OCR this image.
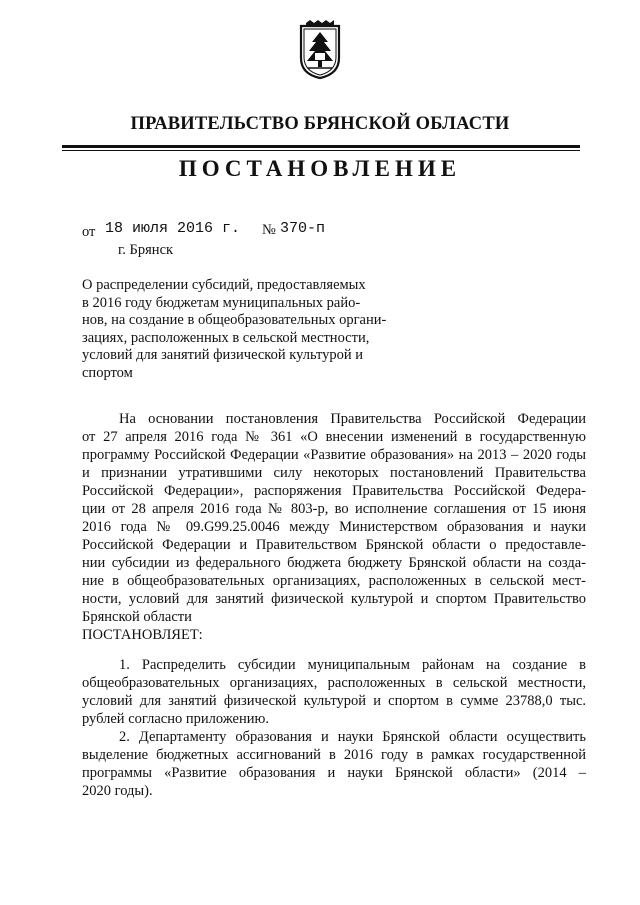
ПРАВИТЕЛЬСТВО БРЯНСКОЙ ОБЛАСТИ
ПОСТАНОВЛЕНИЕ
от 18 июля 2016 г. № 370-п
г. Брянск
О распределении субсидий, предоставляемых
в 2016 году бюджетам муниципальных райо-
нов, на создание в общеобразовательных органи-
зациях, расположенных в сельской местности,
условий для занятий физической культурой и
спортом
На основании постановления Правительства Российской Федерации
от 27 апреля 2016 года № 361 «О внесении изменений в государственную
программу Российской Федерации «Развитие образования» на 2013 – 2020 годы
и признании утратившими силу некоторых постановлений Правительства
Российской Федерации», распоряжения Правительства Российской Федера-
ции от 28 апреля 2016 года № 803-р, во исполнение соглашения от 15 июня
2016 года № 09.G99.25.0046 между Министерством образования и науки
Российской Федерации и Правительством Брянской области о предоставле-
нии субсидии из федерального бюджета бюджету Брянской области на созда-
ние в общеобразовательных организациях, расположенных в сельской мест-
ности, условий для занятий физической культурой и спортом Правительство
Брянской области
ПОСТАНОВЛЯЕТ:
1. Распределить субсидии муниципальным районам на создание в
общеобразовательных организациях, расположенных в сельской местности,
условий для занятий физической культурой и спортом в сумме 23788,0 тыс.
рублей согласно приложению.
2. Департаменту образования и науки Брянской области осуществить
выделение бюджетных ассигнований в 2016 году в рамках государственной
программы «Развитие образования и науки Брянской области» (2014 –
2020 годы).
